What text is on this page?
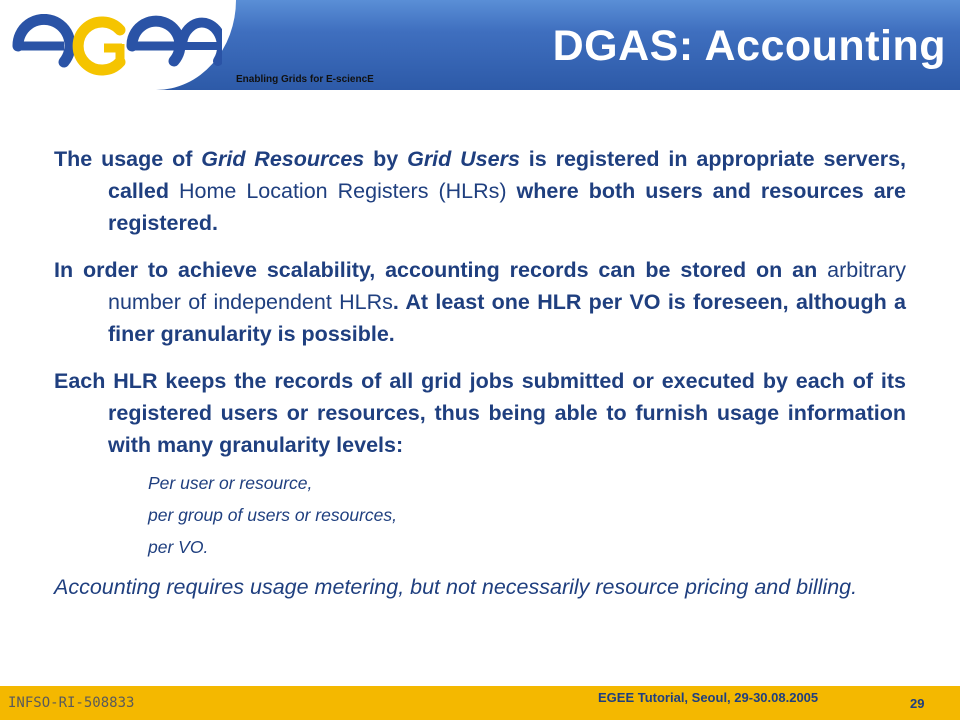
Enabling Grids for E-sciencE
DGAS: Accounting

The usage of Grid Resources by Grid Users is registered in appropriate servers, called Home Location Registers (HLRs) where both users and resources are registered.

In order to achieve scalability, accounting records can be stored on an arbitrary number of independent HLRs. At least one HLR per VO is foreseen, although a finer granularity is possible.

Each HLR keeps the records of all grid jobs submitted or executed by each of its registered users or resources, thus being able to furnish usage information with many granularity levels:

Per user or resource,
per group of users or resources,
per VO.

Accounting requires usage metering, but not necessarily resource pricing and billing.

INFSO-RI-508833	EGEE Tutorial, Seoul, 29-30.08.2005	29
